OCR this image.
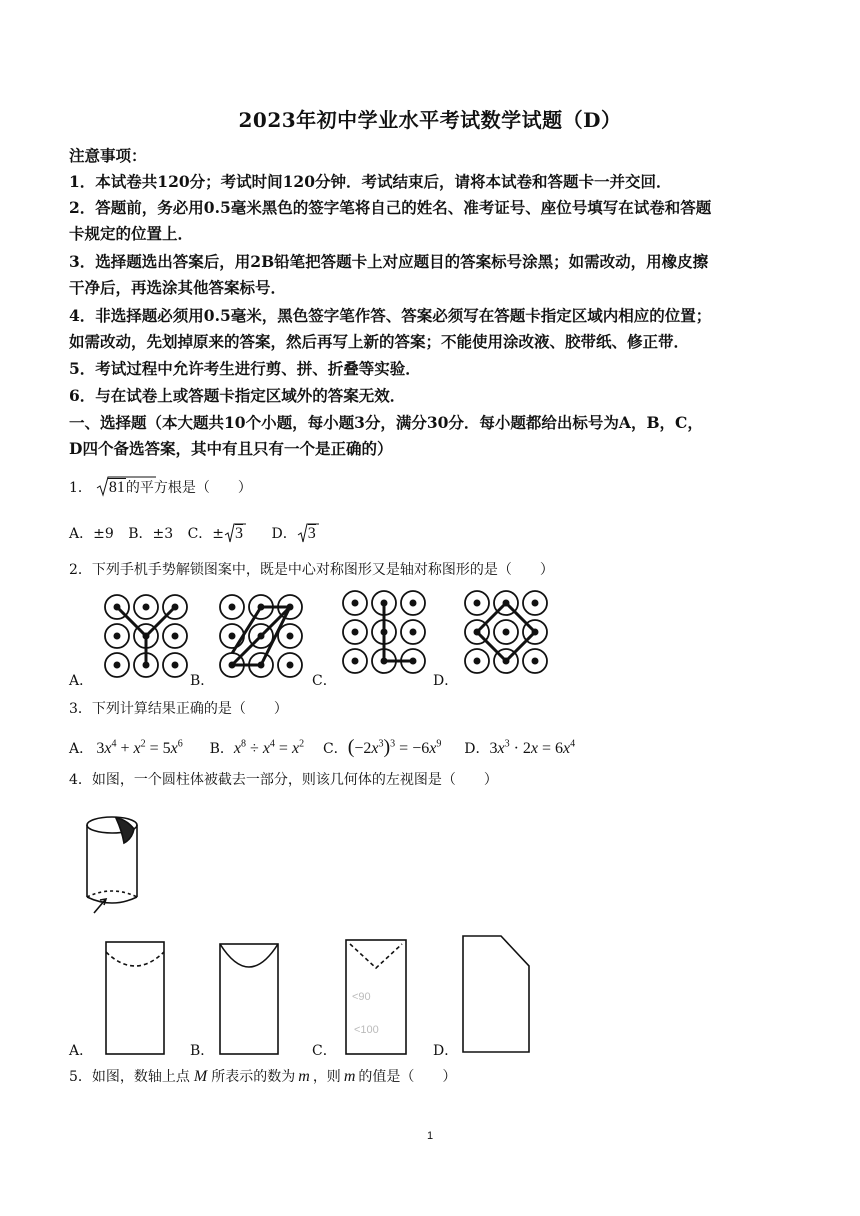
2023年初中学业水平考试数学试题（D）
注意事项：
1．本试卷共120分；考试时间120分钟．考试结束后，请将本试卷和答题卡一并交回．
2．答题前，务必用0.5毫米黑色的签字笔将自己的姓名、准考证号、座位号填写在试卷和答题
卡规定的位置上．
3．选择题选出答案后，用2B铅笔把答题卡上对应题目的答案标号涂黑；如需改动，用橡皮擦
干净后，再选涂其他答案标号．
4．非选择题必须用0.5毫米，黑色签字笔作答、答案必须写在答题卡指定区域内相应的位置；
如需改动，先划掉原来的答案，然后再写上新的答案；不能使用涂改液、胶带纸、修正带．
5．考试过程中允许考生进行剪、拼、折叠等实验．
6．与在试卷上或答题卡指定区域外的答案无效．
一、选择题（本大题共10个小题，每小题3分，满分30分．每小题都给出标号为A，B，C，
D四个备选答案，其中有且只有一个是正确的）
1． 81的平方根是（　　）
A．±9 B．±3 C．± 3 D． 3
2．下列手机手势解锁图案中，既是中心对称图形又是轴对称图形的是（　　）
A．	B．	C．	D．
3．下列计算结果正确的是（　　）
A． $3x^4 + x^2 = 5x^6$ B．$x^8 \div x^4 = x^2$ C．$(-2x^3)^3 = -6x^9$ D．$3x^3 \cdot 2x = 6x^4$
4．如图，一个圆柱体被截去一部分，则该几何体的左视图是（　　）
<90
<100
A．	B．	C．	D．
5．如图，数轴上点 M 所表示的数为 m ，则 m 的值是（　　）
1
